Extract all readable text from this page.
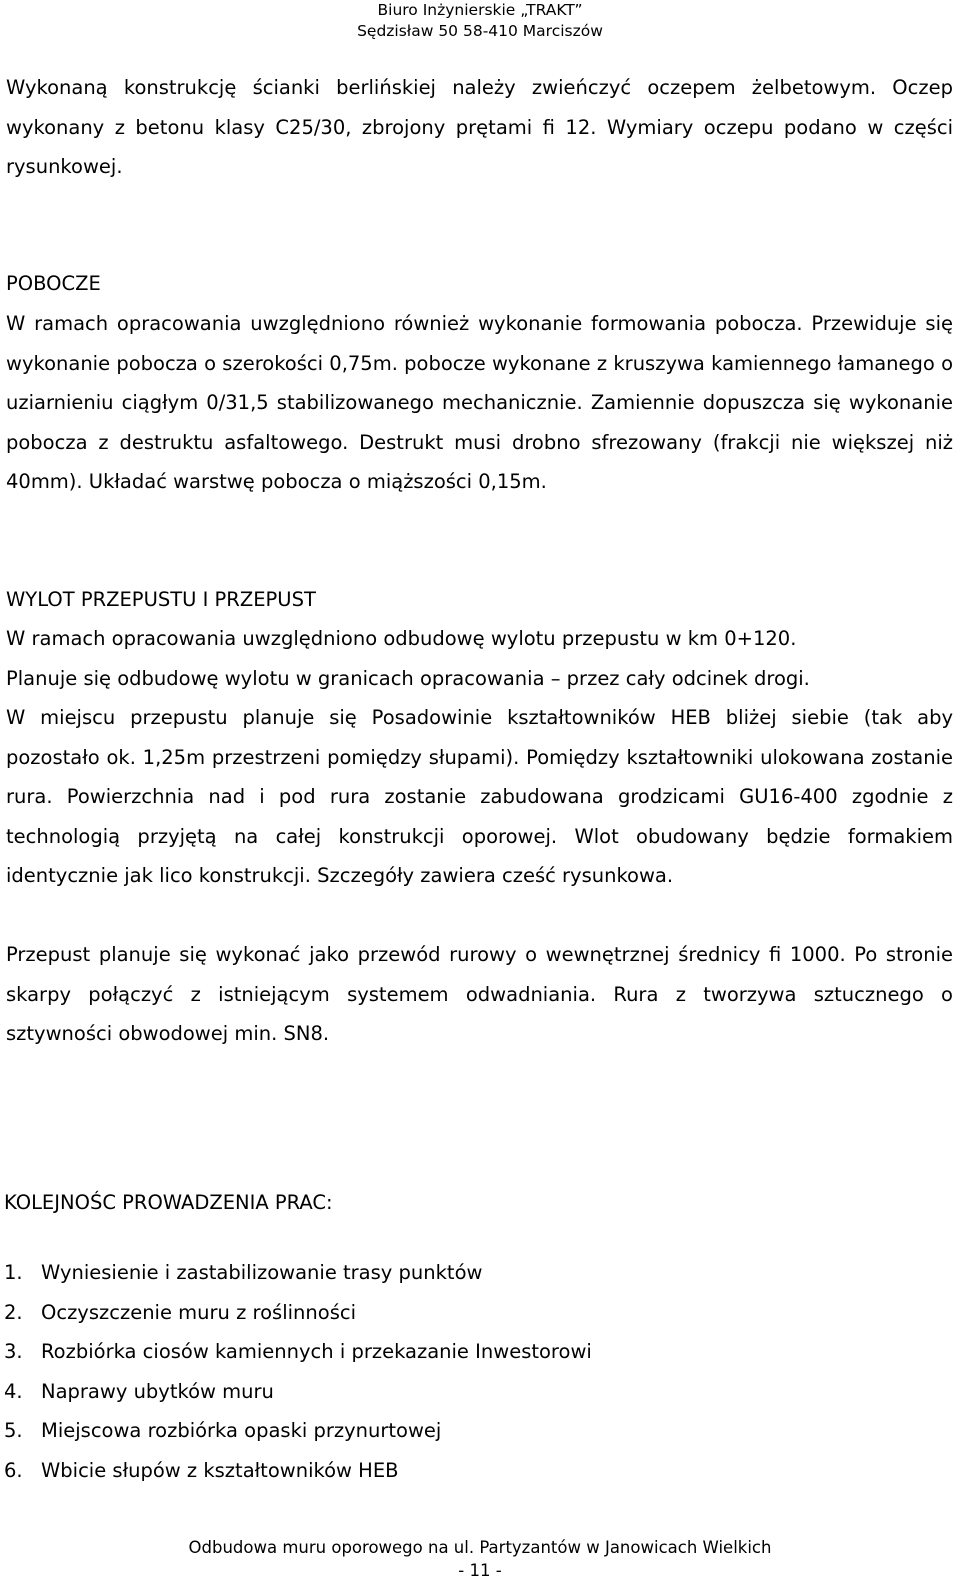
Biuro Inżynierskie „TRAKT”
Sędzisław 50 58-410 Marciszów
Wykonaną konstrukcję ścianki berlińskiej należy zwieńczyć oczepem żelbetowym. Oczep wykonany z betonu klasy C25/30, zbrojony prętami fi 12. Wymiary oczepu podano w części rysunkowej.
POBOCZE
W ramach opracowania uwzględniono również wykonanie formowania pobocza. Przewiduje się wykonanie pobocza o szerokości 0,75m. pobocze wykonane z kruszywa kamiennego łamanego o uziarnieniu ciągłym 0/31,5 stabilizowanego mechanicznie. Zamiennie dopuszcza się wykonanie pobocza z destruktu asfaltowego. Destrukt musi drobno sfrezowany (frakcji nie większej niż 40mm). Układać warstwę pobocza o miąższości 0,15m.
WYLOT PRZEPUSTU I PRZEPUST
W ramach opracowania uwzględniono odbudowę wylotu przepustu w km 0+120.
Planuje się odbudowę wylotu w granicach opracowania – przez cały odcinek drogi.
W miejscu przepustu planuje się Posadowinie kształtowników HEB bliżej siebie (tak aby pozostało ok. 1,25m przestrzeni pomiędzy słupami). Pomiędzy kształtowniki ulokowana zostanie rura. Powierzchnia nad i pod rura zostanie zabudowana grodzicami GU16-400 zgodnie z technologią przyjętą na całej konstrukcji oporowej. Wlot obudowany będzie formakiem identycznie jak lico konstrukcji. Szczegóły zawiera cześć rysunkowa.
Przepust planuje się wykonać jako przewód rurowy o wewnętrznej średnicy fi 1000. Po stronie skarpy połączyć z istniejącym systemem odwadniania. Rura z tworzywa sztucznego o sztywności obwodowej min. SN8.
KOLEJNOŚC PROWADZENIA PRAC:
1. Wyniesienie i zastabilizowanie trasy punktów
2. Oczyszczenie muru z roślinności
3. Rozbiórka ciosów kamiennych i przekazanie Inwestorowi
4. Naprawy ubytków muru
5. Miejscowa rozbiórka opaski przynurtowej
6. Wbicie słupów z kształtowników HEB
Odbudowa muru oporowego na ul. Partyzantów w Janowicach Wielkich
- 11 -
